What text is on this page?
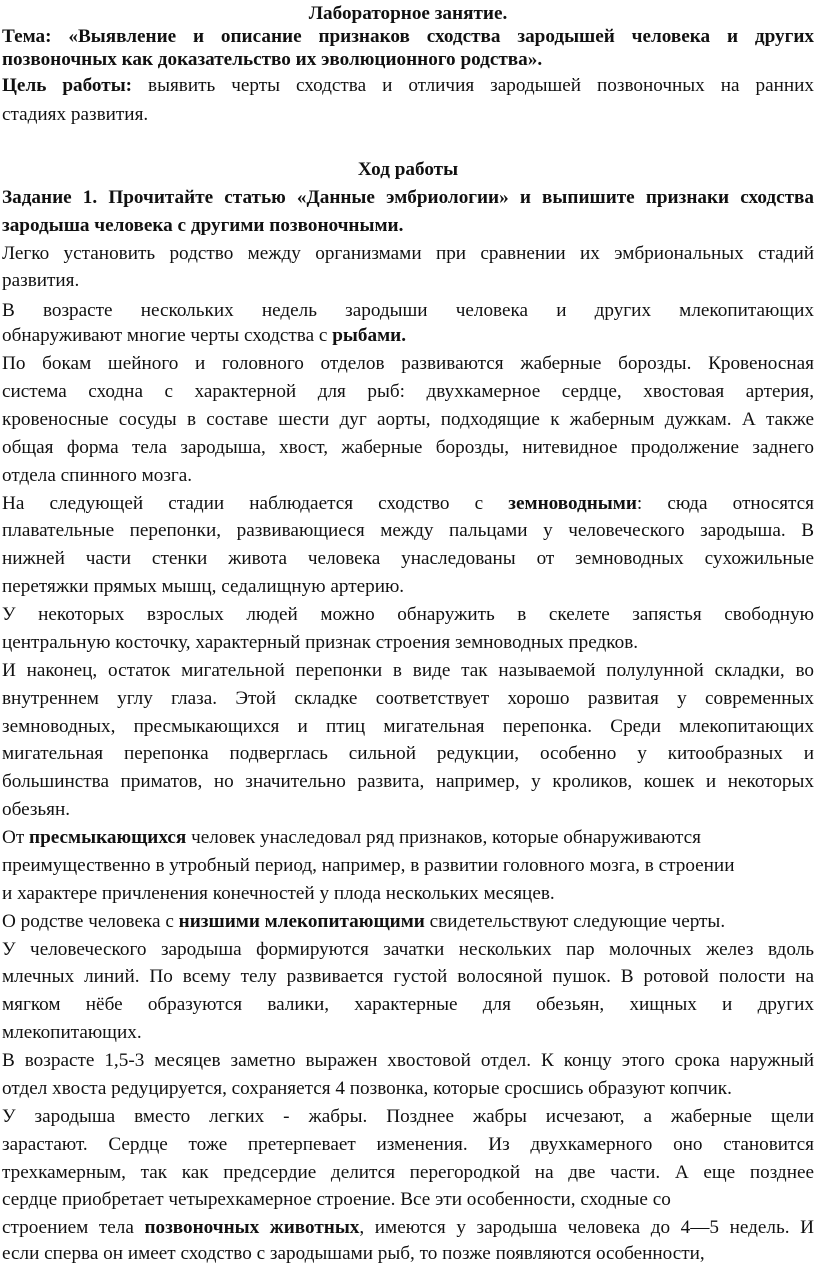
Лабораторное занятие.
Тема: «Выявление и описание признаков сходства зародышей человека и других
позвоночных как доказательство их эволюционного родства».
Цель работы: выявить черты сходства и отличия зародышей позвоночных на ранних
стадиях развития.
Ход работы
Задание 1. Прочитайте статью «Данные эмбриологии» и выпишите признаки сходства
зародыша человека с другими позвоночными.
Легко установить родство между организмами при сравнении их эмбриональных стадий
развития.
В возрасте нескольких недель зародыши человека и других млекопитающих
обнаруживают многие черты сходства с рыбами.
По бокам шейного и головного отделов развиваются жаберные борозды. Кровеносная
система сходна с характерной для рыб: двухкамерное сердце, хвостовая артерия,
кровеносные сосуды в составе шести дуг аорты, подходящие к жаберным дужкам. А также
общая форма тела зародыша, хвост, жаберные борозды, нитевидное продолжение заднего
отдела спинного мозга.
На следующей стадии наблюдается сходство с земноводными: сюда относятся
плавательные перепонки, развивающиеся между пальцами у человеческого зародыша. В
нижней части стенки живота человека унаследованы от земноводных сухожильные
перетяжки прямых мышц, седалищную артерию.
У некоторых взрослых людей можно обнаружить в скелете запястья свободную
центральную косточку, характерный признак строения земноводных предков.
И наконец, остаток мигательной перепонки в виде так называемой полулунной складки, во
внутреннем углу глаза. Этой складке соответствует хорошо развитая у современных
земноводных, пресмыкающихся и птиц мигательная перепонка. Среди млекопитающих
мигательная перепонка подверглась сильной редукции, особенно у китообразных и
большинства приматов, но значительно развита, например, у кроликов, кошек и некоторых
обезьян.
От пресмыкающихся человек унаследовал ряд признаков, которые обнаруживаются
преимущественно в утробный период, например, в развитии головного мозга, в строении
и характере причленения конечностей у плода нескольких месяцев.
О родстве человека с низшими млекопитающими свидетельствуют следующие черты.
У человеческого зародыша формируются зачатки нескольких пар молочных желез вдоль
млечных линий. По всему телу развивается густой волосяной пушок. В ротовой полости на
мягком нёбе образуются валики, характерные для обезьян, хищных и других
млекопитающих.
В возрасте 1,5-3 месяцев заметно выражен хвостовой отдел. К концу этого срока наружный
отдел хвоста редуцируется, сохраняется 4 позвонка, которые сросшись образуют копчик.
У зародыша вместо легких - жабры. Позднее жабры исчезают, а жаберные щели
зарастают. Сердце тоже претерпевает изменения. Из двухкамерного оно становится
трехкамерным, так как предсердие делится перегородкой на две части. А еще позднее
сердце приобретает четырехкамерное строение. Все эти особенности, сходные со
строением тела позвоночных животных, имеются у зародыша человека до 4—5 недель. И
если сперва он имеет сходство с зародышами рыб, то позже появляются особенности,
